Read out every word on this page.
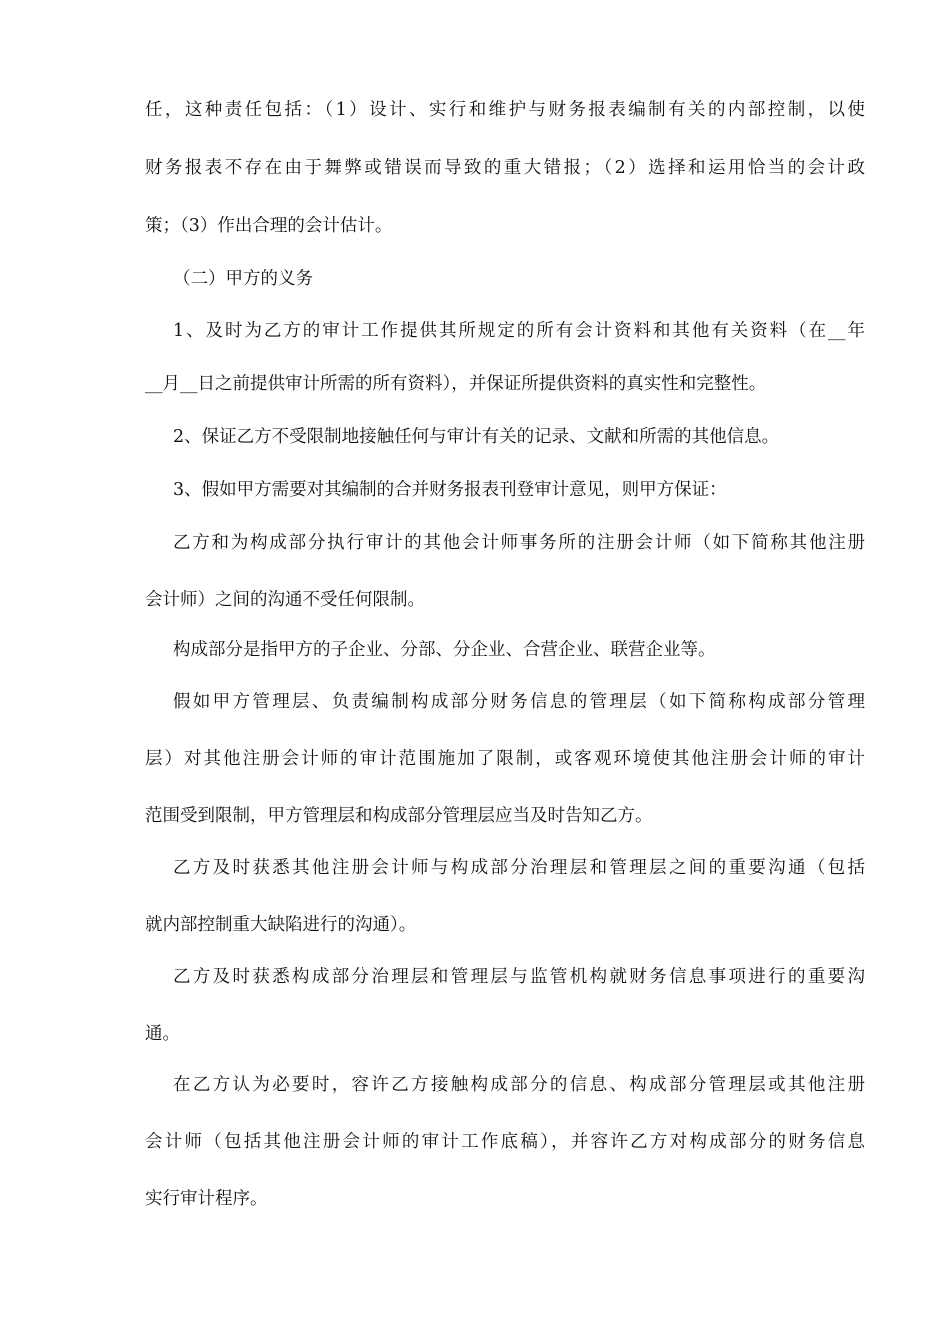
任，这种责任包括：（1）设计、实行和维护与财务报表编制有关的内部控制，以使
财务报表不存在由于舞弊或错误而导致的重大错报；（2）选择和运用恰当的会计政
策；（3）作出合理的会计估计。
（二）甲方的义务
1、及时为乙方的审计工作提供其所规定的所有会计资料和其他有关资料（在__年
__月__日之前提供审计所需的所有资料），并保证所提供资料的真实性和完整性。
2、保证乙方不受限制地接触任何与审计有关的记录、文献和所需的其他信息。
3、假如甲方需要对其编制的合并财务报表刊登审计意见，则甲方保证：
乙方和为构成部分执行审计的其他会计师事务所的注册会计师（如下简称其他注册
会计师）之间的沟通不受任何限制。
构成部分是指甲方的子企业、分部、分企业、合营企业、联营企业等。
假如甲方管理层、负责编制构成部分财务信息的管理层（如下简称构成部分管理
层）对其他注册会计师的审计范围施加了限制，或客观环境使其他注册会计师的审计
范围受到限制，甲方管理层和构成部分管理层应当及时告知乙方。
乙方及时获悉其他注册会计师与构成部分治理层和管理层之间的重要沟通（包括
就内部控制重大缺陷进行的沟通）。
乙方及时获悉构成部分治理层和管理层与监管机构就财务信息事项进行的重要沟
通。
在乙方认为必要时，容许乙方接触构成部分的信息、构成部分管理层或其他注册
会计师（包括其他注册会计师的审计工作底稿），并容许乙方对构成部分的财务信息
实行审计程序。
